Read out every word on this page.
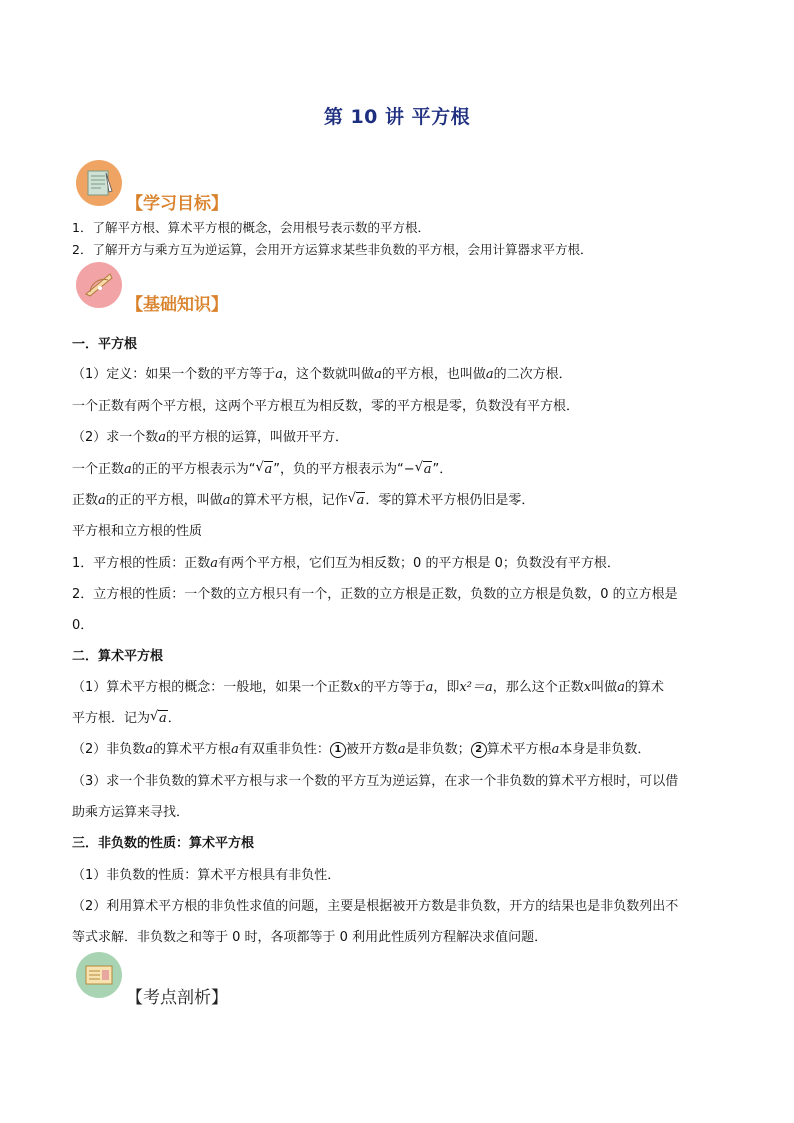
第 10 讲 平方根
【学习目标】
1．了解平方根、算术平方根的概念，会用根号表示数的平方根．
2．了解开方与乘方互为逆运算，会用开方运算求某些非负数的平方根，会用计算器求平方根．
【基础知识】
一．平方根
（1）定义：如果一个数的平方等于a，这个数就叫做a的平方根，也叫做a的二次方根．
一个正数有两个平方根，这两个平方根互为相反数，零的平方根是零，负数没有平方根．
（2）求一个数a的平方根的运算，叫做开平方．
一个正数a的正的平方根表示为“ √ a”，负的平方根表示为“− √ a”．
正数a的正的平方根，叫做a的算术平方根，记作 √ a．零的算术平方根仍旧是零．
平方根和立方根的性质
1．平方根的性质：正数a有两个平方根，它们互为相反数；0 的平方根是 0；负数没有平方根．
2．立方根的性质：一个数的立方根只有一个，正数的立方根是正数，负数的立方根是负数，0 的立方根是
0．
二．算术平方根
（1）算术平方根的概念：一般地，如果一个正数x的平方等于a，即x²＝a，那么这个正数x叫做a的算术
平方根．记为 √ a．
（2）非负数a的算术平方根a有双重非负性： 1 被开方数a是非负数； 2 算术平方根a本身是非负数．
（3）求一个非负数的算术平方根与求一个数的平方互为逆运算，在求一个非负数的算术平方根时，可以借
助乘方运算来寻找．
三．非负数的性质：算术平方根
（1）非负数的性质：算术平方根具有非负性．
（2）利用算术平方根的非负性求值的问题，主要是根据被开方数是非负数，开方的结果也是非负数列出不
等式求解．非负数之和等于 0 时，各项都等于 0 利用此性质列方程解决求值问题．
【考点剖析】
